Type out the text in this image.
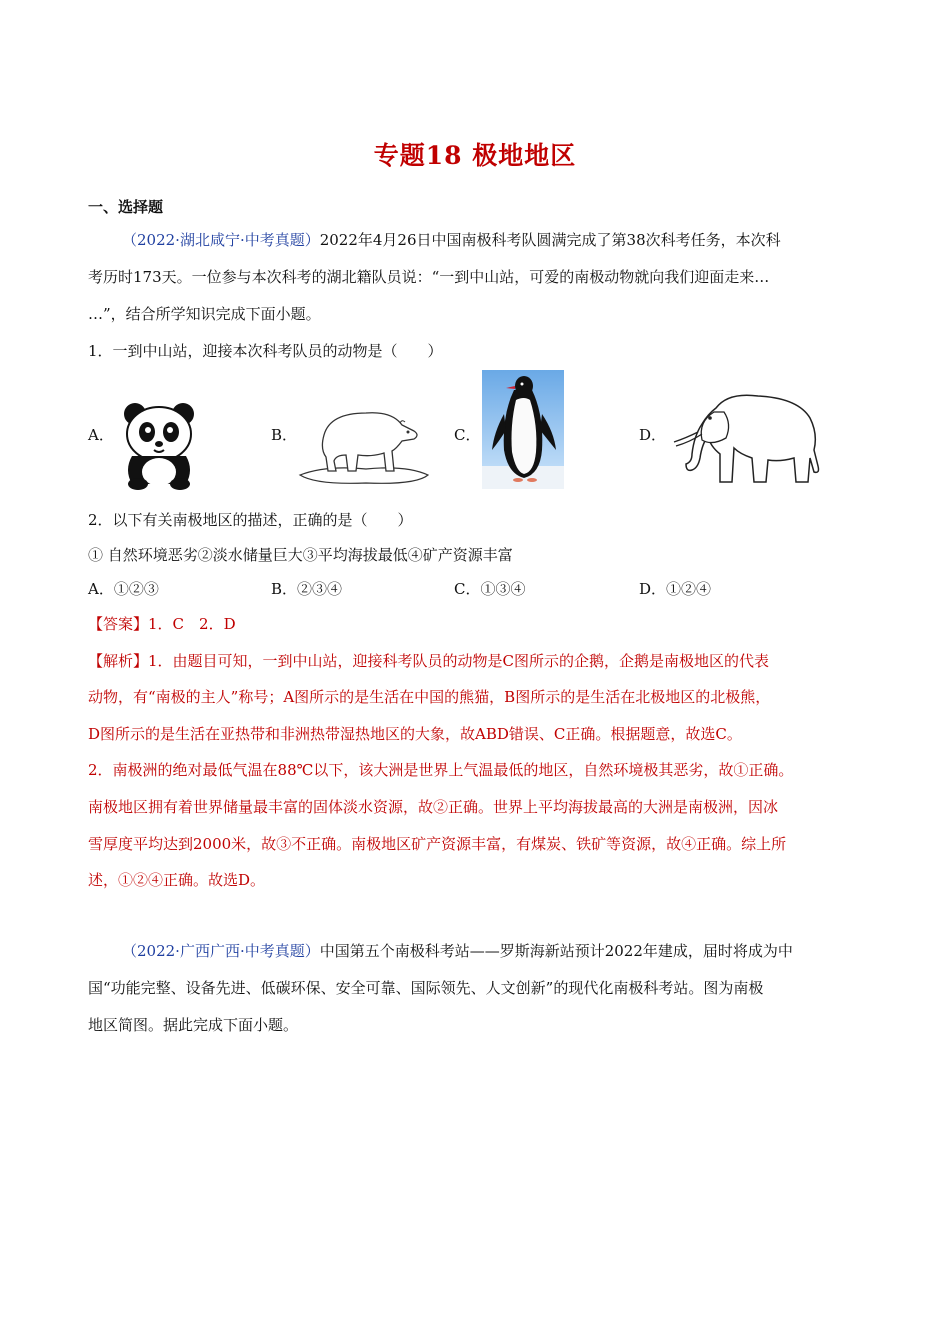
专题18 极地地区
一、选择题
（2022·湖北咸宁·中考真题）2022年4月26日中国南极科考队圆满完成了第38次科考任务，本次科
考历时173天。一位参与本次科考的湖北籍队员说：“一到中山站，可爱的南极动物就向我们迎面走来…
…”，结合所学知识完成下面小题。
1．一到中山站，迎接本次科考队员的动物是（　　）
A．	B．	C．	D．
2．以下有关南极地区的描述，正确的是（　　）
① 自然环境恶劣②淡水储量巨大③平均海拔最低④矿产资源丰富
A．①②③	B．②③④	C．①③④	D．①②④
【答案】1．C　2．D
【解析】1．由题目可知，一到中山站，迎接科考队员的动物是C图所示的企鹅，企鹅是南极地区的代表
动物，有“南极的主人”称号；A图所示的是生活在中国的熊猫，B图所示的是生活在北极地区的北极熊，
D图所示的是生活在亚热带和非洲热带湿热地区的大象，故ABD错误、C正确。根据题意，故选C。
2．南极洲的绝对最低气温在88℃以下，该大洲是世界上气温最低的地区，自然环境极其恶劣，故①正确。
南极地区拥有着世界储量最丰富的固体淡水资源，故②正确。世界上平均海拔最高的大洲是南极洲，因冰
雪厚度平均达到2000米，故③不正确。南极地区矿产资源丰富，有煤炭、铁矿等资源，故④正确。综上所
述，①②④正确。故选D。
（2022·广西广西·中考真题）中国第五个南极科考站——罗斯海新站预计2022年建成，届时将成为中
国“功能完整、设备先进、低碳环保、安全可靠、国际领先、人文创新”的现代化南极科考站。图为南极
地区简图。据此完成下面小题。
